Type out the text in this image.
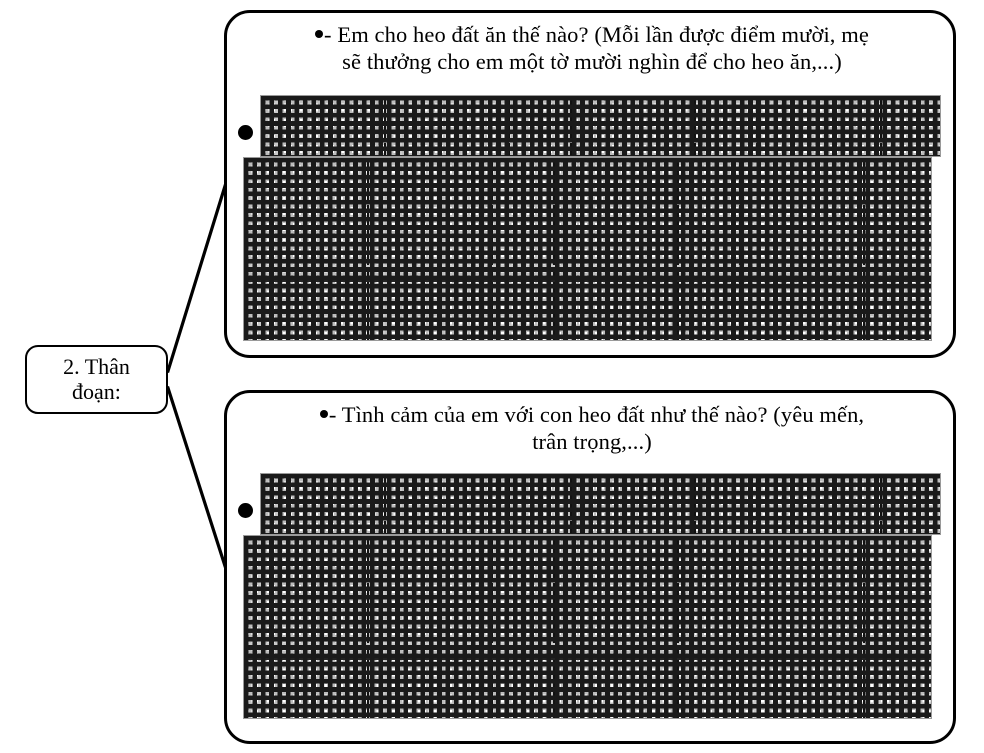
2. Thân
đoạn:
- Em cho heo đất ăn thế nào? (Mỗi lần được điểm mười, mẹ
sẽ thưởng cho em một tờ mười nghìn để cho heo ăn,...)
- Tình cảm của em với con heo đất như thế nào? (yêu mến,
trân trọng,...)
